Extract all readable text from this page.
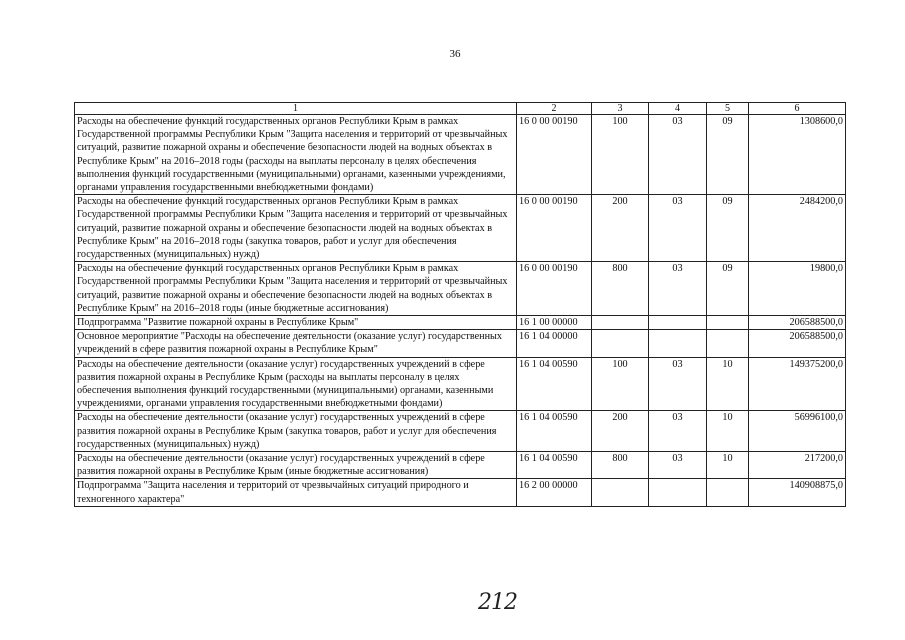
36
1	2	3	4	5	6
Расходы на обеспечение функций государственных органов Республики Крым в рамках Государственной программы Республики Крым "Защита населения и территорий от чрезвычайных ситуаций, развитие пожарной охраны и обеспечение безопасности людей на водных объектах в Республике Крым" на 2016–2018 годы (расходы на выплаты персоналу в целях обеспечения выполнения функций государственными (муниципальными) органами, казенными учреждениями, органами управления государственными внебюджетными фондами)	16 0 00 00190	100	03	09	1308600,0
Расходы на обеспечение функций государственных органов Республики Крым в рамках Государственной программы Республики Крым "Защита населения и территорий от чрезвычайных ситуаций, развитие пожарной охраны и обеспечение безопасности людей на водных объектах в Республике Крым" на 2016–2018 годы (закупка товаров, работ и услуг для обеспечения государственных (муниципальных) нужд)	16 0 00 00190	200	03	09	2484200,0
Расходы на обеспечение функций государственных органов Республики Крым в рамках Государственной программы Республики Крым "Защита населения и территорий от чрезвычайных ситуаций, развитие пожарной охраны и обеспечение безопасности людей на водных объектах в Республике Крым" на 2016–2018 годы (иные бюджетные ассигнования)	16 0 00 00190	800	03	09	19800,0
Подпрограмма "Развитие пожарной охраны в Республике Крым"	16 1 00 00000				206588500,0
Основное мероприятие "Расходы на обеспечение деятельности (оказание услуг) государственных учреждений в сфере развития пожарной охраны в Республике Крым"	16 1 04 00000				206588500,0
Расходы на обеспечение деятельности (оказание услуг) государственных учреждений в сфере развития пожарной охраны в Республике Крым (расходы на выплаты персоналу в целях обеспечения выполнения функций государственными (муниципальными) органами, казенными учреждениями, органами управления государственными внебюджетными фондами)	16 1 04 00590	100	03	10	149375200,0
Расходы на обеспечение деятельности (оказание услуг) государственных учреждений в сфере развития пожарной охраны в Республике Крым (закупка товаров, работ и услуг для обеспечения государственных (муниципальных) нужд)	16 1 04 00590	200	03	10	56996100,0
Расходы на обеспечение деятельности (оказание услуг) государственных учреждений в сфере развития пожарной охраны в Республике Крым (иные бюджетные ассигнования)	16 1 04 00590	800	03	10	217200,0
Подпрограмма "Защита населения и территорий от чрезвычайных ситуаций природного и техногенного характера"	16 2 00 00000				140908875,0
212
